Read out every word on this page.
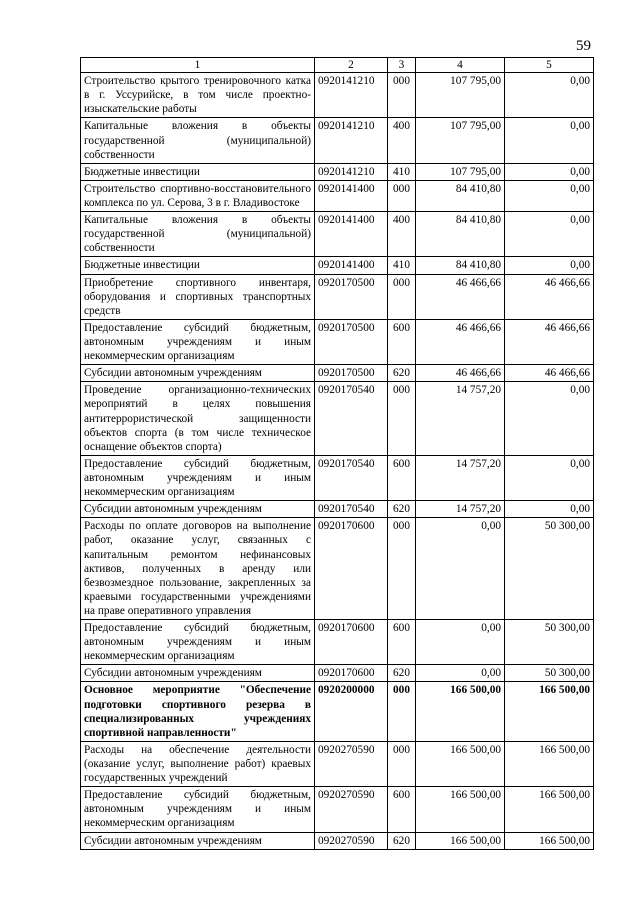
59
1	2	3	4	5
Строительство крытого тренировочного катка в г. Уссурийске, в том числе проектно-изыскательские работы	0920141210	000	107 795,00	0,00
Капитальные вложения в объекты государственной (муниципальной) собственности	0920141210	400	107 795,00	0,00
Бюджетные инвестиции	0920141210	410	107 795,00	0,00
Строительство спортивно-восстановительного комплекса по ул. Серова, 3 в г. Владивостоке	0920141400	000	84 410,80	0,00
Капитальные вложения в объекты государственной (муниципальной) собственности	0920141400	400	84 410,80	0,00
Бюджетные инвестиции	0920141400	410	84 410,80	0,00
Приобретение спортивного инвентаря, оборудования и спортивных транспортных средств	0920170500	000	46 466,66	46 466,66
Предоставление субсидий бюджетным, автономным учреждениям и иным некоммерческим организациям	0920170500	600	46 466,66	46 466,66
Субсидии автономным учреждениям	0920170500	620	46 466,66	46 466,66
Проведение организационно-технических мероприятий в целях повышения антитеррористической защищенности объектов спорта (в том числе техническое оснащение объектов спорта)	0920170540	000	14 757,20	0,00
Предоставление субсидий бюджетным, автономным учреждениям и иным некоммерческим организациям	0920170540	600	14 757,20	0,00
Субсидии автономным учреждениям	0920170540	620	14 757,20	0,00
Расходы по оплате договоров на выполнение работ, оказание услуг, связанных с капитальным ремонтом нефинансовых активов, полученных в аренду или безвозмездное пользование, закрепленных за краевыми государственными учреждениями на праве оперативного управления	0920170600	000	0,00	50 300,00
Предоставление субсидий бюджетным, автономным учреждениям и иным некоммерческим организациям	0920170600	600	0,00	50 300,00
Субсидии автономным учреждениям	0920170600	620	0,00	50 300,00
Основное мероприятие "Обеспечение подготовки спортивного резерва в специализированных учреждениях спортивной направленности"	0920200000	000	166 500,00	166 500,00
Расходы на обеспечение деятельности (оказание услуг, выполнение работ) краевых государственных учреждений	0920270590	000	166 500,00	166 500,00
Предоставление субсидий бюджетным, автономным учреждениям и иным некоммерческим организациям	0920270590	600	166 500,00	166 500,00
Субсидии автономным учреждениям	0920270590	620	166 500,00	166 500,00
